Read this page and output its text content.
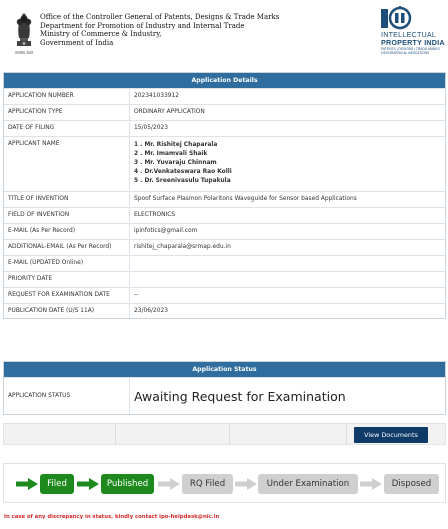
सत्यमेव जयते
Office of the Controller General of Patents, Designs & Trade Marks
Department for Promotion of Industry and Internal Trade
Ministry of Commerce & Industry,
Government of India
INTELLECTUAL
PROPERTY INDIA
PATENTS | DESIGNS | TRADE MARKS
GEOGRAPHICAL INDICATIONS
Application Details
APPLICATION NUMBER	202341033912
APPLICATION TYPE	ORDINARY APPLICATION
DATE OF FILING	15/05/2023
APPLICANT NAME	1 . Mr. Rishitej Chaparala
2 . Mr. Imamvali Shaik
3 . Mr. Yuvaraju Chinnam
4 . Dr.Venkateswara Rao Kolli
5 . Dr. Sreenivasulu Tupakula
TITLE OF INVENTION	Spoof Surface Plasmon Polaritons Waveguide for Sensor based Applications
FIELD OF INVENTION	ELECTRONICS
E-MAIL (As Per Record)	ipinfotics@gmail.com
ADDITIONAL-EMAIL (As Per Record)	rishitej_chaparala@srmap.edu.in
E-MAIL (UPDATED Online)
PRIORITY DATE
REQUEST FOR EXAMINATION DATE	--
PUBLICATION DATE (U/S 11A)	23/06/2023
Application Status
APPLICATION STATUS	Awaiting Request for Examination
View Documents
Filed	Published	RQ Filed	Under Examination	Disposed
In case of any discrepancy in status, kindly contact ipo-helpdesk@nic.in
